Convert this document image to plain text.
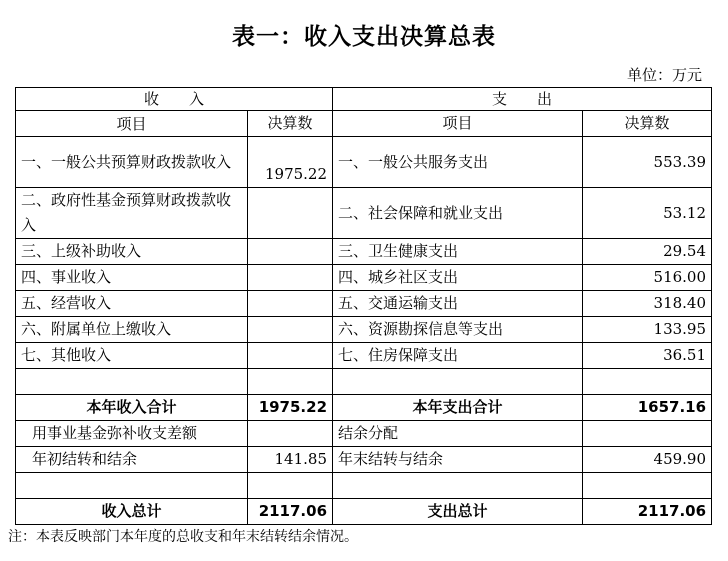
表一：收入支出决算总表
单位：万元
收　　入		支　　出	
项目	决算数	项目	决算数
一、一般公共预算财政拨款收入	1975.22	一、一般公共服务支出	553.39
二、政府性基金预算财政拨款收入		二、社会保障和就业支出	53.12
三、上级补助收入		三、卫生健康支出	29.54
四、事业收入		四、城乡社区支出	516.00
五、经营收入		五、交通运输支出	318.40
六、附属单位上缴收入		六、资源勘探信息等支出	133.95
七、其他收入		七、住房保障支出	36.51

本年收入合计	1975.22	本年支出合计	1657.16
用事业基金弥补收支差额		结余分配	
年初结转和结余	141.85	年末结转与结余	459.90

收入总计	2117.06	支出总计	2117.06
注：本表反映部门本年度的总收支和年末结转结余情况。
